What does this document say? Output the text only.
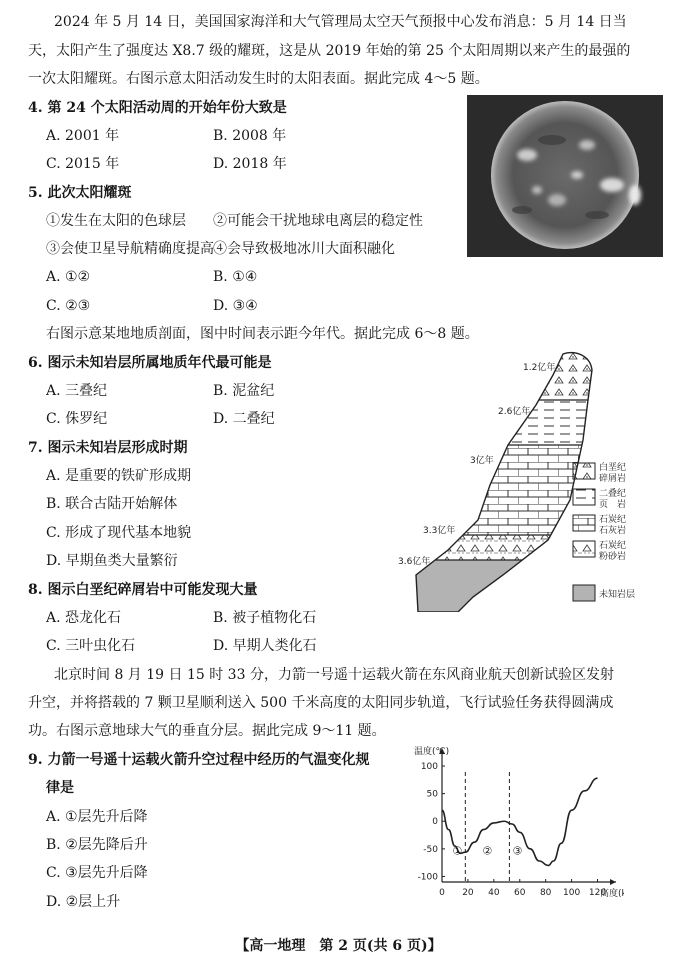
2024 年 5 月 14 日，美国国家海洋和大气管理局太空天气预报中心发布消息：5 月 14 日当
天，太阳产生了强度达 X8.7 级的耀斑，这是从 2019 年始的第 25 个太阳周期以来产生的最强的
一次太阳耀斑。右图示意太阳活动发生时的太阳表面。据此完成 4～5 题。
4. 第 24 个太阳活动周的开始年份大致是
A. 2001 年	B. 2008 年
C. 2015 年	D. 2018 年
5. 此次太阳耀斑
①发生在太阳的色球层 ②可能会干扰地球电离层的稳定性
③会使卫星导航精确度提高 ④会导致极地冰川大面积融化
A. ①②	B. ①④
C. ②③	D. ③④
右图示意某地地质剖面，图中时间表示距今年代。据此完成 6～8 题。
6. 图示未知岩层所属地质年代最可能是
A. 三叠纪	B. 泥盆纪
C. 侏罗纪	D. 二叠纪
7. 图示未知岩层形成时期
A. 是重要的铁矿形成期
B. 联合古陆开始解体
C. 形成了现代基本地貌
D. 早期鱼类大量繁衍
8. 图示白垩纪碎屑岩中可能发现大量
A. 恐龙化石	B. 被子植物化石
C. 三叶虫化石	D. 早期人类化石
1.2亿年
2.6亿年
3亿年
3.3亿年
3.6亿年
白垩纪
碎屑岩
二叠纪
页　岩
石炭纪
石灰岩
石炭纪
粉砂岩
未知岩层
北京时间 8 月 19 日 15 时 33 分，力箭一号遥十运载火箭在东风商业航天创新试验区发射
升空，并将搭载的 7 颗卫星顺利送入 500 千米高度的太阳同步轨道，飞行试验任务获得圆满成
功。右图示意地球大气的垂直分层。据此完成 9～11 题。
9. 力箭一号遥十运载火箭升空过程中经历的气温变化规
律是
A. ①层先升后降
B. ②层先降后升
C. ③层先升后降
D. ②层上升
0 20 40 60 80 100 120
-100
-50
0
50
100
温度(℃)
高度(
① ② ③
【高一地理　第 2 页(共 6 页)】
